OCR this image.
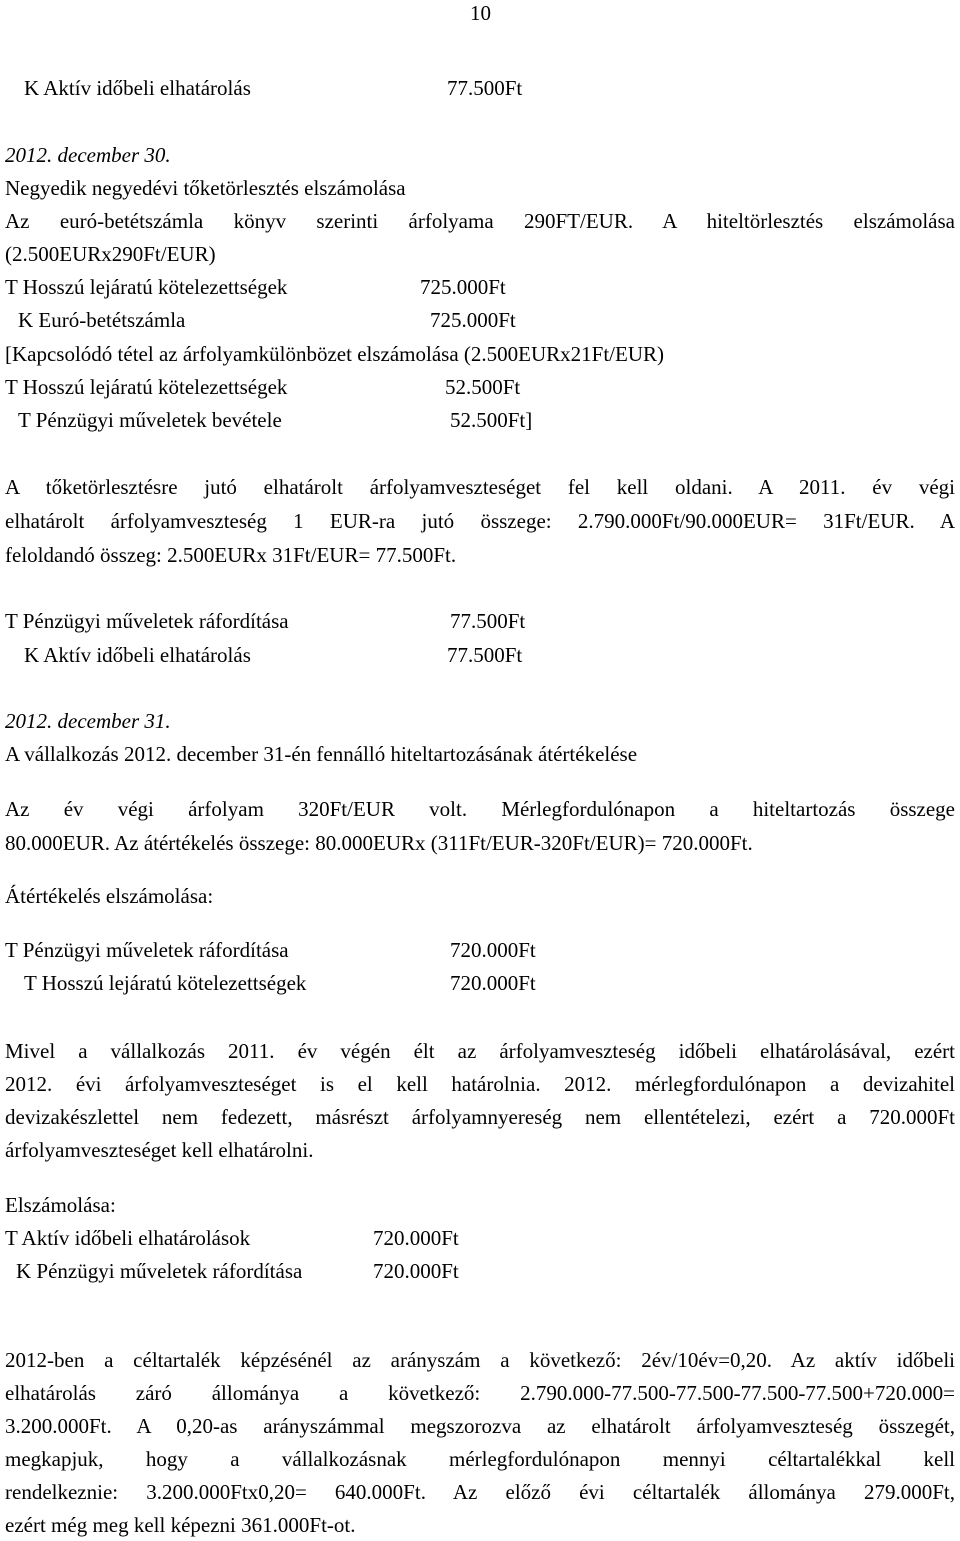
10
K Aktív időbeli elhatárolás	77.500Ft
2012. december 30.
Negyedik negyedévi tőketörlesztés elszámolása
Az euró-betétszámla könyv szerinti árfolyama 290FT/EUR. A hiteltörlesztés elszámolása
(2.500EURx290Ft/EUR)
T Hosszú lejáratú kötelezettségek	725.000Ft
K Euró-betétszámla	725.000Ft
[Kapcsolódó tétel az árfolyamkülönbözet elszámolása (2.500EURx21Ft/EUR)
T Hosszú lejáratú kötelezettségek	52.500Ft
T Pénzügyi műveletek bevétele	52.500Ft]
A tőketörlesztésre jutó elhatárolt árfolyamveszteséget fel kell oldani. A 2011. év végi
elhatárolt árfolyamveszteség 1 EUR-ra jutó összege: 2.790.000Ft/90.000EUR= 31Ft/EUR. A
feloldandó összeg: 2.500EURx 31Ft/EUR= 77.500Ft.
T Pénzügyi műveletek ráfordítása	77.500Ft
K Aktív időbeli elhatárolás	77.500Ft
2012. december 31.
A vállalkozás 2012. december 31-én fennálló hiteltartozásának átértékelése
Az év végi árfolyam 320Ft/EUR volt. Mérlegfordulónapon a hiteltartozás összege
80.000EUR. Az átértékelés összege: 80.000EURx (311Ft/EUR-320Ft/EUR)= 720.000Ft.
Átértékelés elszámolása:
T Pénzügyi műveletek ráfordítása	720.000Ft
T Hosszú lejáratú kötelezettségek	720.000Ft
Mivel a vállalkozás 2011. év végén élt az árfolyamveszteség időbeli elhatárolásával, ezért
2012. évi árfolyamveszteséget is el kell határolnia. 2012. mérlegfordulónapon a devizahitel
devizakészlettel nem fedezett, másrészt árfolyamnyereség nem ellentételezi, ezért a 720.000Ft
árfolyamveszteséget kell elhatárolni.
Elszámolása:
T Aktív időbeli elhatárolások	720.000Ft
K Pénzügyi műveletek ráfordítása	720.000Ft
2012-ben a céltartalék képzésénél az arányszám a következő: 2év/10év=0,20. Az aktív időbeli
elhatárolás záró állománya a következő: 2.790.000-77.500-77.500-77.500-77.500+720.000=
3.200.000Ft. A 0,20-as arányszámmal megszorozva az elhatárolt árfolyamveszteség összegét,
megkapjuk, hogy a vállalkozásnak mérlegfordulónapon mennyi céltartalékkal kell
rendelkeznie: 3.200.000Ftx0,20= 640.000Ft. Az előző évi céltartalék állománya 279.000Ft,
ezért még meg kell képezni 361.000Ft-ot.
